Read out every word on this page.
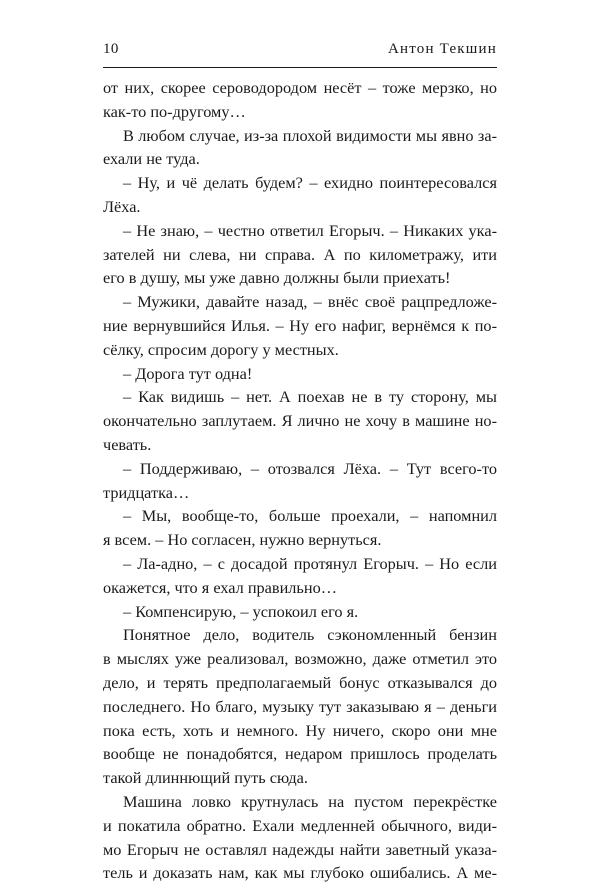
10	Антон Текшин
от них, скорее сероводородом несёт – тоже мерзко, но
как-то по-другому…
В любом случае, из-за плохой видимости мы явно за-
ехали не туда.
– Ну, и чё делать будем? – ехидно поинтересовался
Лёха.
– Не знаю, – честно ответил Егорыч. – Никаких ука-
зателей ни слева, ни справа. А по километражу, ити
его в душу, мы уже давно должны были приехать!
– Мужики, давайте назад, – внёс своё рацпредложе-
ние вернувшийся Илья. – Ну его нафиг, вернёмся к по-
сёлку, спросим дорогу у местных.
– Дорога тут одна!
– Как видишь – нет. А поехав не в ту сторону, мы
окончательно заплутаем. Я лично не хочу в машине но-
чевать.
– Поддерживаю, – отозвался Лёха. – Тут всего-то
тридцатка…
– Мы, вообще-то, больше проехали, – напомнил
я всем. – Но согласен, нужно вернуться.
– Ла-адно, – с досадой протянул Егорыч. – Но если
окажется, что я ехал правильно…
– Компенсирую, – успокоил его я.
Понятное дело, водитель сэкономленный бензин
в мыслях уже реализовал, возможно, даже отметил это
дело, и терять предполагаемый бонус отказывался до
последнего. Но благо, музыку тут заказываю я – деньги
пока есть, хоть и немного. Ну ничего, скоро они мне
вообще не понадобятся, недаром пришлось проделать
такой длиннющий путь сюда.
Машина ловко крутнулась на пустом перекрёстке
и покатила обратно. Ехали медленней обычного, види-
мо Егорыч не оставлял надежды найти заветный указа-
тель и доказать нам, как мы глубоко ошибались. А ме-
